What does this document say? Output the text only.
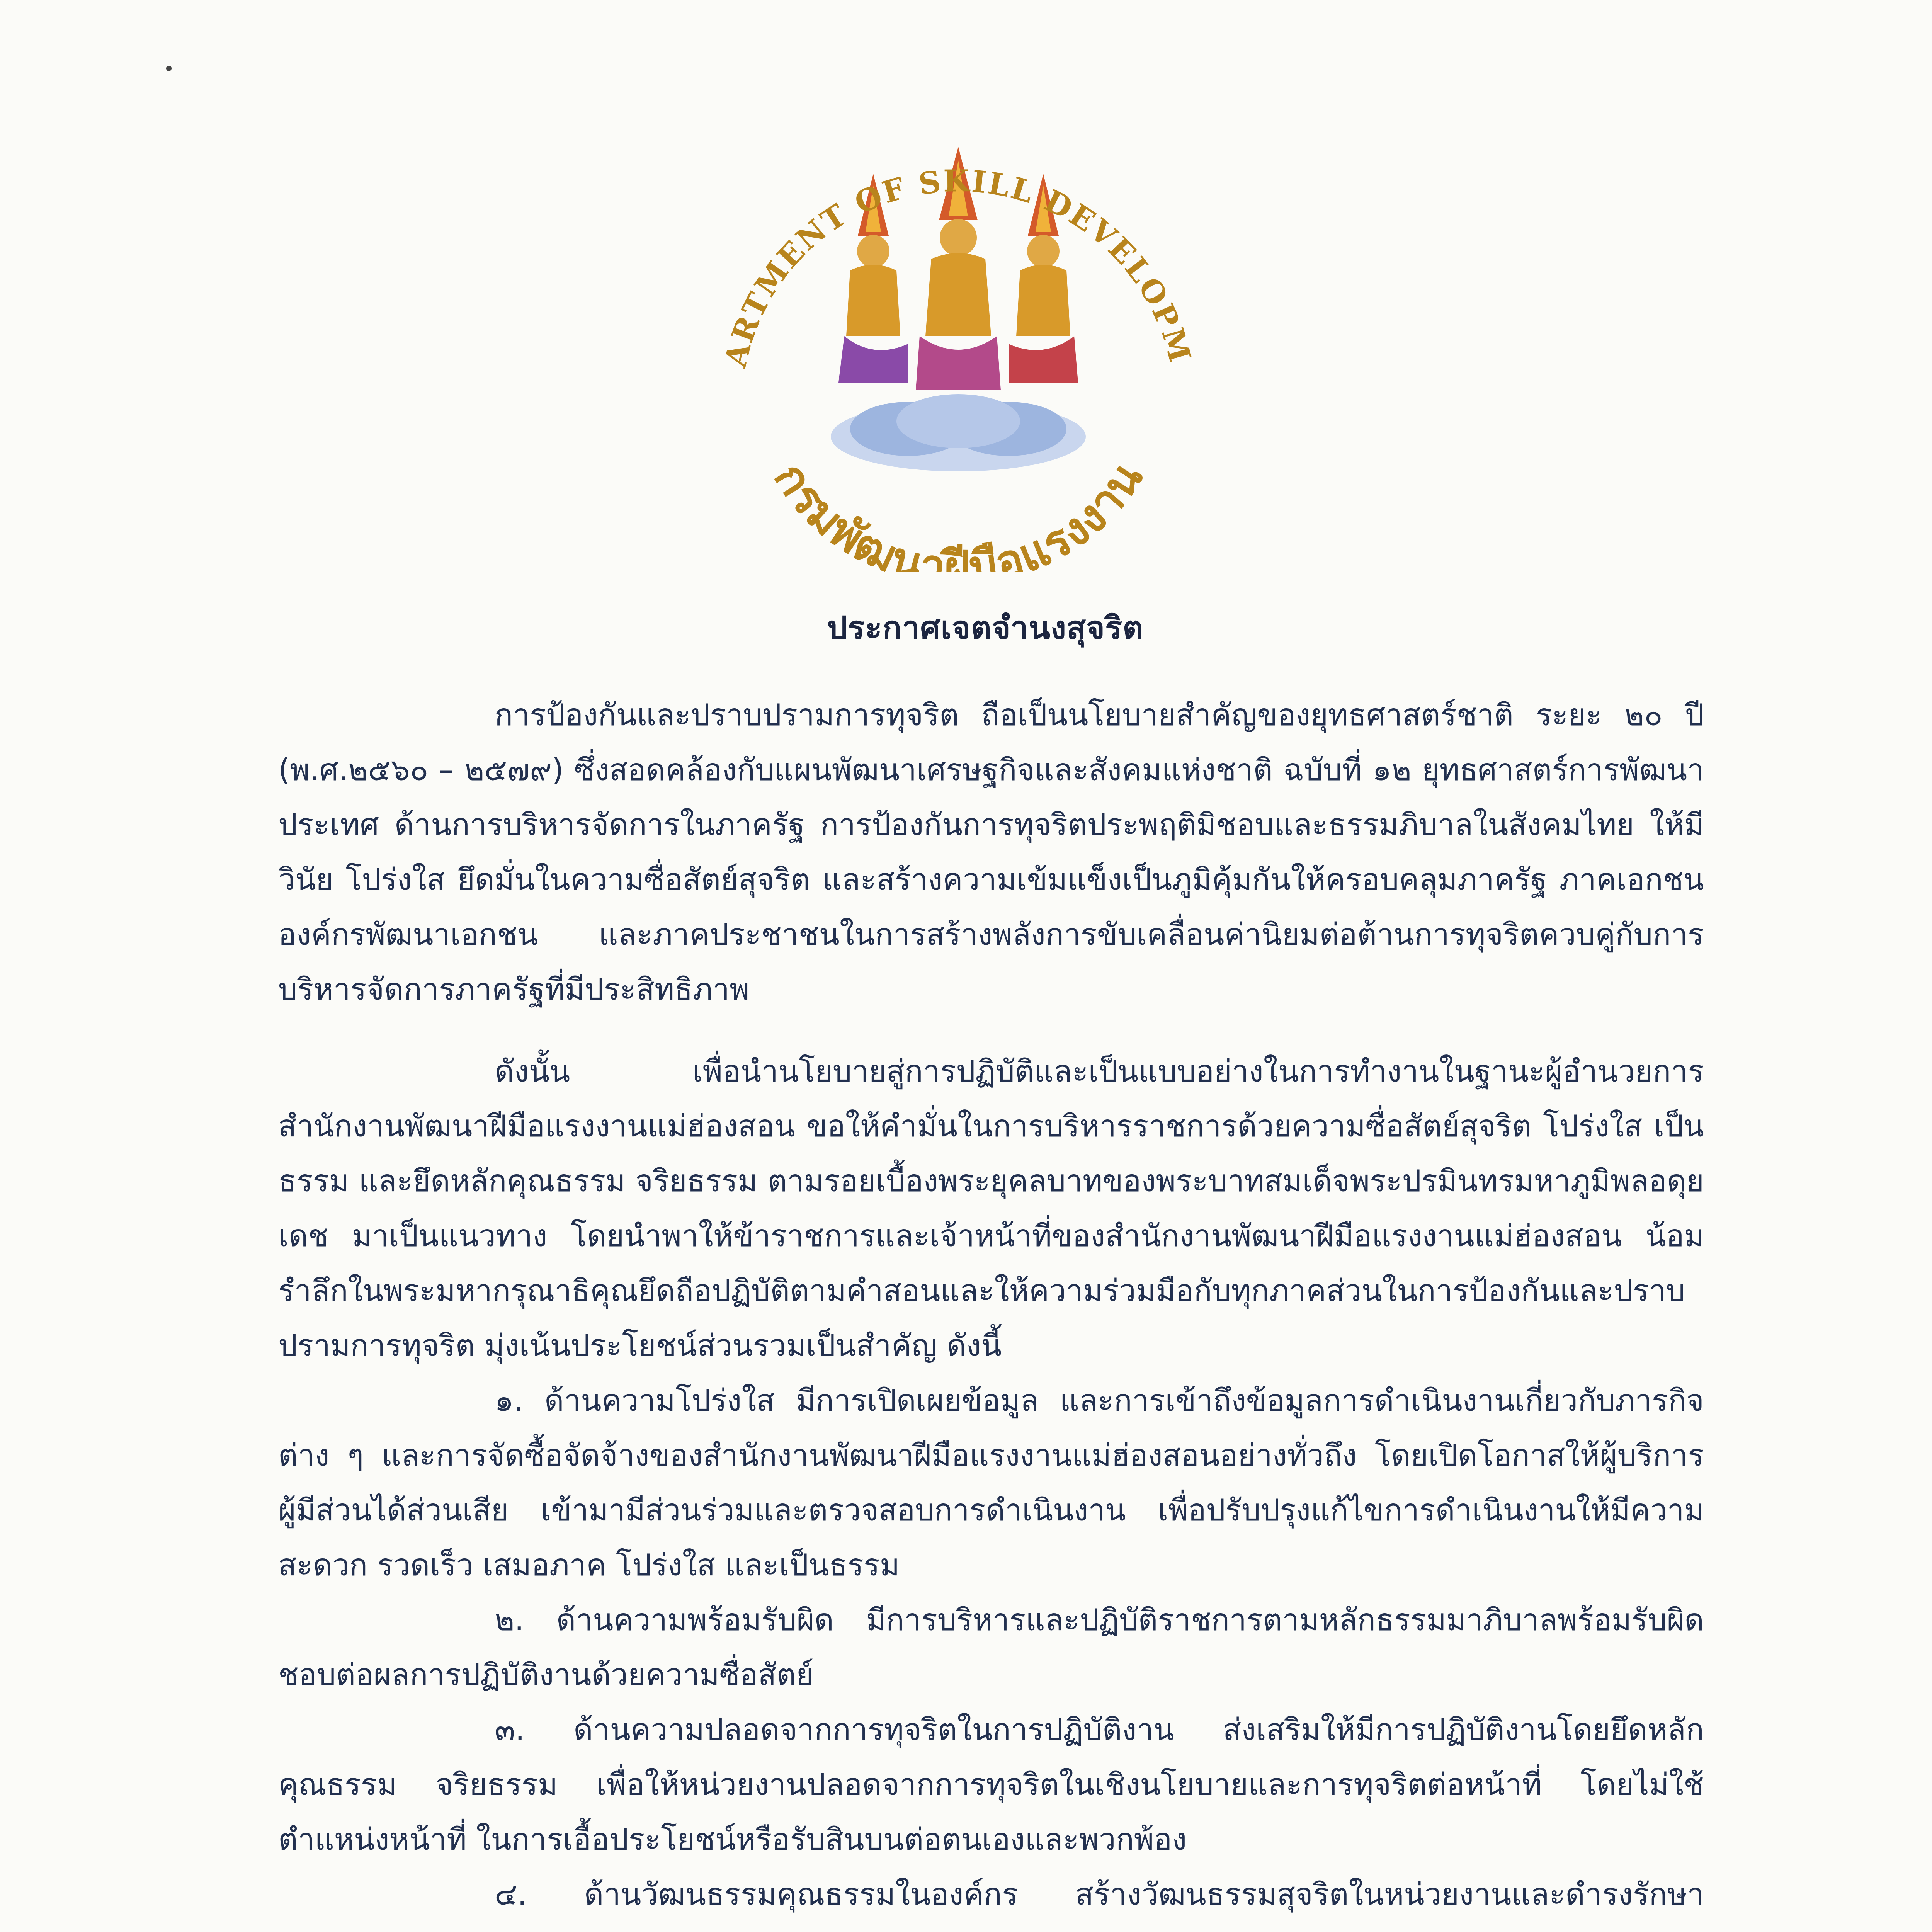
ARTMENT OF SKILL DEVELOPM
กรมพัฒนาฝีมือแรงงาน
ประกาศเจตจำนงสุจริต

การป้องกันและปราบปรามการทุจริต ถือเป็นนโยบายสำคัญของยุทธศาสตร์ชาติ ระยะ ๒๐ ปี (พ.ศ.๒๕๖๐ – ๒๕๗๙) ซึ่งสอดคล้องกับแผนพัฒนาเศรษฐกิจและสังคมแห่งชาติ ฉบับที่ ๑๒ ยุทธศาสตร์การพัฒนาประเทศ ด้านการบริหารจัดการในภาครัฐ การป้องกันการทุจริตประพฤติมิชอบและธรรมภิบาลในสังคมไทย ให้มีวินัย โปร่งใส ยึดมั่นในความซื่อสัตย์สุจริต และสร้างความเข้มแข็งเป็นภูมิคุ้มกันให้ครอบคลุมภาครัฐ ภาคเอกชน องค์กรพัฒนาเอกชน และภาคประชาชนในการสร้างพลังการขับเคลื่อนค่านิยมต่อต้านการทุจริตควบคู่กับการบริหารจัดการภาครัฐที่มีประสิทธิภาพ

ดังนั้น เพื่อนำนโยบายสู่การปฏิบัติและเป็นแบบอย่างในการทำงานในฐานะผู้อำนวยการสำนักงานพัฒนาฝีมือแรงงานแม่ฮ่องสอน ขอให้คำมั่นในการบริหารราชการด้วยความซื่อสัตย์สุจริต โปร่งใส เป็นธรรม และยึดหลักคุณธรรม จริยธรรม ตามรอยเบื้องพระยุคลบาทของพระบาทสมเด็จพระปรมินทรมหาภูมิพลอดุยเดช มาเป็นแนวทาง โดยนำพาให้ข้าราชการและเจ้าหน้าที่ของสำนักงานพัฒนาฝีมือแรงงานแม่ฮ่องสอน น้อมรำลึกในพระมหากรุณาธิคุณยึดถือปฏิบัติตามคำสอนและให้ความร่วมมือกับทุกภาคส่วนในการป้องกันและปราบปรามการทุจริต มุ่งเน้นประโยชน์ส่วนรวมเป็นสำคัญ ดังนี้

๑. ด้านความโปร่งใส มีการเปิดเผยข้อมูล และการเข้าถึงข้อมูลการดำเนินงานเกี่ยวกับภารกิจต่าง ๆ และการจัดซื้อจัดจ้างของสำนักงานพัฒนาฝีมือแรงงานแม่ฮ่องสอนอย่างทั่วถึง โดยเปิดโอกาสให้ผู้บริการ ผู้มีส่วนได้ส่วนเสีย เข้ามามีส่วนร่วมและตรวจสอบการดำเนินงาน เพื่อปรับปรุงแก้ไขการดำเนินงานให้มีความสะดวก รวดเร็ว เสมอภาค โปร่งใส และเป็นธรรม

๒. ด้านความพร้อมรับผิด มีการบริหารและปฏิบัติราชการตามหลักธรรมมาภิบาลพร้อมรับผิดชอบต่อผลการปฏิบัติงานด้วยความซื่อสัตย์

๓. ด้านความปลอดจากการทุจริตในการปฏิบัติงาน ส่งเสริมให้มีการปฏิบัติงานโดยยึดหลักคุณธรรม จริยธรรม เพื่อให้หน่วยงานปลอดจากการทุจริตในเชิงนโยบายและการทุจริตต่อหน้าที่ โดยไม่ใช้ตำแหน่งหน้าที่ ในการเอื้อประโยชน์หรือรับสินบนต่อตนเองและพวกพ้อง

๔. ด้านวัฒนธรรมคุณธรรมในองค์กร สร้างวัฒนธรรมสุจริตในหน่วยงานและดำรงรักษา
